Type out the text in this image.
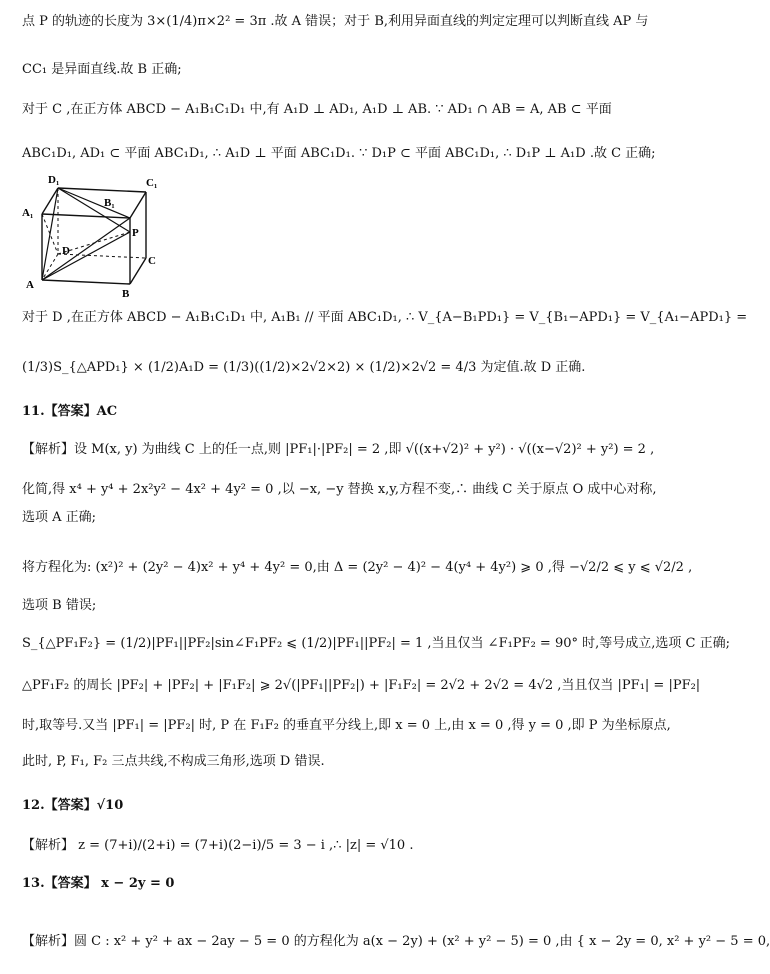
点 P 的轨迹的长度为 3×(1/4)π×2² = 3π .故 A 错误；对于 B,利用异面直线的判定定理可以判断直线 AP 与
CC₁ 是异面直线.故 B 正确;
对于 C ,在正方体 ABCD − A₁B₁C₁D₁ 中,有 A₁D ⊥ AD₁, A₁D ⊥ AB. ∵ AD₁ ∩ AB = A, AB ⊂ 平面
ABC₁D₁, AD₁ ⊂ 平面 ABC₁D₁, ∴ A₁D ⊥ 平面 ABC₁D₁. ∵ D₁P ⊂ 平面 ABC₁D₁, ∴ D₁P ⊥ A₁D .故 C 正确;
D₁	C₁
A₁
B₁
P
D
C
A
B
对于 D ,在正方体 ABCD − A₁B₁C₁D₁ 中, A₁B₁ // 平面 ABC₁D₁, ∴ V_{A−B₁PD₁} = V_{B₁−APD₁} = V_{A₁−APD₁} =
(1/3)S_{△APD₁} × (1/2)A₁D = (1/3)((1/2)×2√2×2) × (1/2)×2√2 = 4/3 为定值.故 D 正确.
11.【答案】AC
【解析】设 M(x, y) 为曲线 C 上的任一点,则 |PF₁|·|PF₂| = 2 ,即 √((x+√2)² + y²) · √((x−√2)² + y²) = 2 ,
化简,得 x⁴ + y⁴ + 2x²y² − 4x² + 4y² = 0 ,以 −x, −y 替换 x,y,方程不变,∴ 曲线 C 关于原点 O 成中心对称,
选项 A 正确;
将方程化为: (x²)² + (2y² − 4)x² + y⁴ + 4y² = 0,由 Δ = (2y² − 4)² − 4(y⁴ + 4y²) ⩾ 0 ,得 −√2/2 ⩽ y ⩽ √2/2 ,
选项 B 错误;
S_{△PF₁F₂} = (1/2)|PF₁||PF₂|sin∠F₁PF₂ ⩽ (1/2)|PF₁||PF₂| = 1 ,当且仅当 ∠F₁PF₂ = 90° 时,等号成立,选项 C 正确;
△PF₁F₂ 的周长 |PF₂| + |PF₂| + |F₁F₂| ⩾ 2√(|PF₁||PF₂|) + |F₁F₂| = 2√2 + 2√2 = 4√2 ,当且仅当 |PF₁| = |PF₂|
时,取等号.又当 |PF₁| = |PF₂| 时, P 在 F₁F₂ 的垂直平分线上,即 x = 0 上,由 x = 0 ,得 y = 0 ,即 P 为坐标原点,
此时, P, F₁, F₂ 三点共线,不构成三角形,选项 D 错误.
12.【答案】√10
【解析】 z = (7+i)/(2+i) = (7+i)(2−i)/5 = 3 − i ,∴ |z| = √10 .
13.【答案】 x − 2y = 0
【解析】圆 C : x² + y² + ax − 2ay − 5 = 0 的方程化为 a(x − 2y) + (x² + y² − 5) = 0 ,由 { x − 2y = 0, x² + y² − 5 = 0,
